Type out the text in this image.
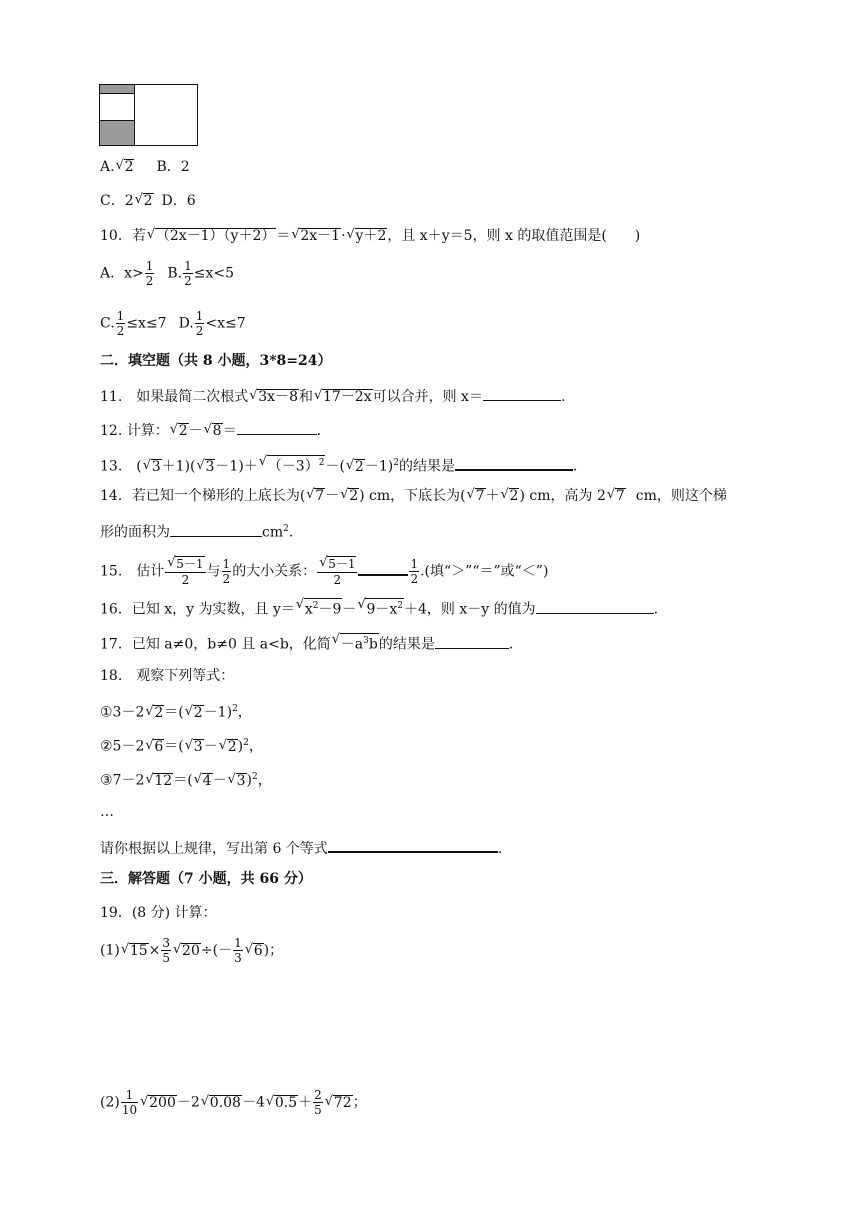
A.√ 2 B．2
C．2√ 2 D．6
10．若√ （2x－1）（y＋2）＝√ 2x－1·√ y＋2，且 x＋y＝5，则 x 的取值范围是(　　)
A．$x> \frac{1}{2} B$. $\frac{1}{2} \le x<5$
C. $\frac{1}{2} \le x\le 7$ D. $\frac{1}{2} <x\le 7$
二．填空题（共 8 小题，3*8=24）
11.　如果最简二次根式√ 3x－8和√ 17－2x可以合并，则 x＝	.
12. 计算：√ 2－√ 8＝	.
13.　(√ 3＋1)(√ 3－1)＋√ $(-3)^2-(√$ 2－1)$^2$的结果是	.
14．若已知一个梯形的上底长为(√ 7－√ 2) cm，下底长为(√ 7＋√ 2) cm，高为 2√ 7 cm，则这个梯
形的面积为	$cm^2$.
15.　估计
√ $\frac{5-1}{2}$ 与 $\frac{1}{2}$ 的大小关系：
√ $\frac{5-1}{2}$	$\frac{1}{2}$ .(填“＞”“＝”或“＜”)
16．已知 x，y 为实数，且 y＝√ $x^2-9-√$ $9-x^2+4$，则 x－y 的值为	.
17．已知 a≠0，b≠0 且 a<b，化简√ $-a^3b$的结果是	.
18.　观察下列等式：
①3－2√ 2＝(√ 2－1)$^2$，
②5－2√ 6＝(√ 3－√ 2)$^2$，
③7－2√ 12＝(√ 4－√ 3)$^2$，
…
请你根据以上规律，写出第 6 个等式	.
三．解答题（7 小题，共 66 分）
19．(8 分) 计算：
(1)√ $15\times \frac{3}{5}$
√ $20\div(- \frac{1}{3}$
√ 6)；
$(2) \frac{1}{10}$
√ 200－2√ 0.08－4√ $0.5+ \frac{2}{5}$
√ 72；
